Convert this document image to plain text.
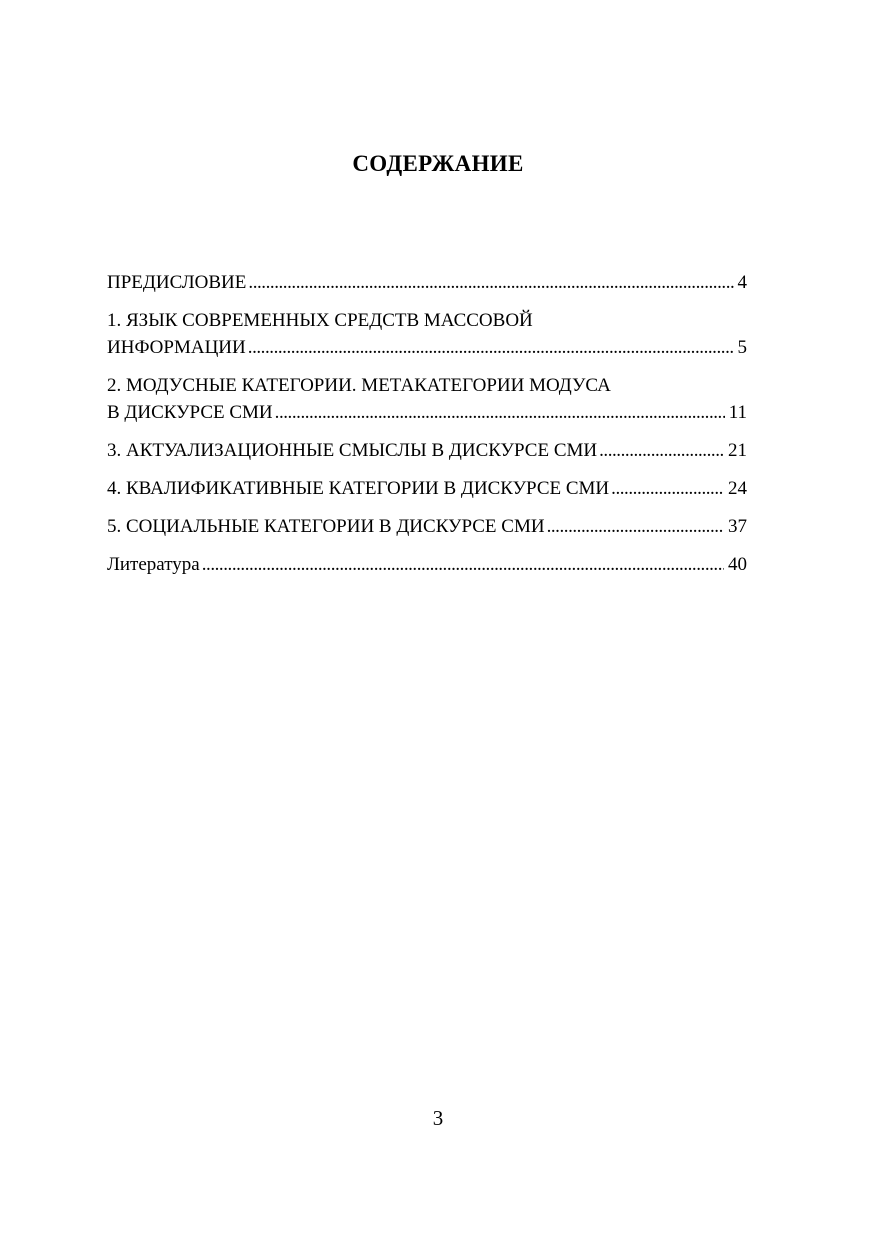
СОДЕРЖАНИЕ
ПРЕДИСЛОВИЕ . . .	4
1. ЯЗЫК СОВРЕМЕННЫХ СРЕДСТВ МАССОВОЙ
ИНФОРМАЦИИ . . .	5
2. МОДУСНЫЕ КАТЕГОРИИ. МЕТАКАТЕГОРИИ МОДУСА
В ДИСКУРСЕ СМИ . . .	11
3. АКТУАЛИЗАЦИОННЫЕ СМЫСЛЫ В ДИСКУРСЕ СМИ . . .	21
4. КВАЛИФИКАТИВНЫЕ КАТЕГОРИИ В ДИСКУРСЕ СМИ . . .	24
5. СОЦИАЛЬНЫЕ КАТЕГОРИИ В ДИСКУРСЕ СМИ . . .	37
Литература . . .	40
3
